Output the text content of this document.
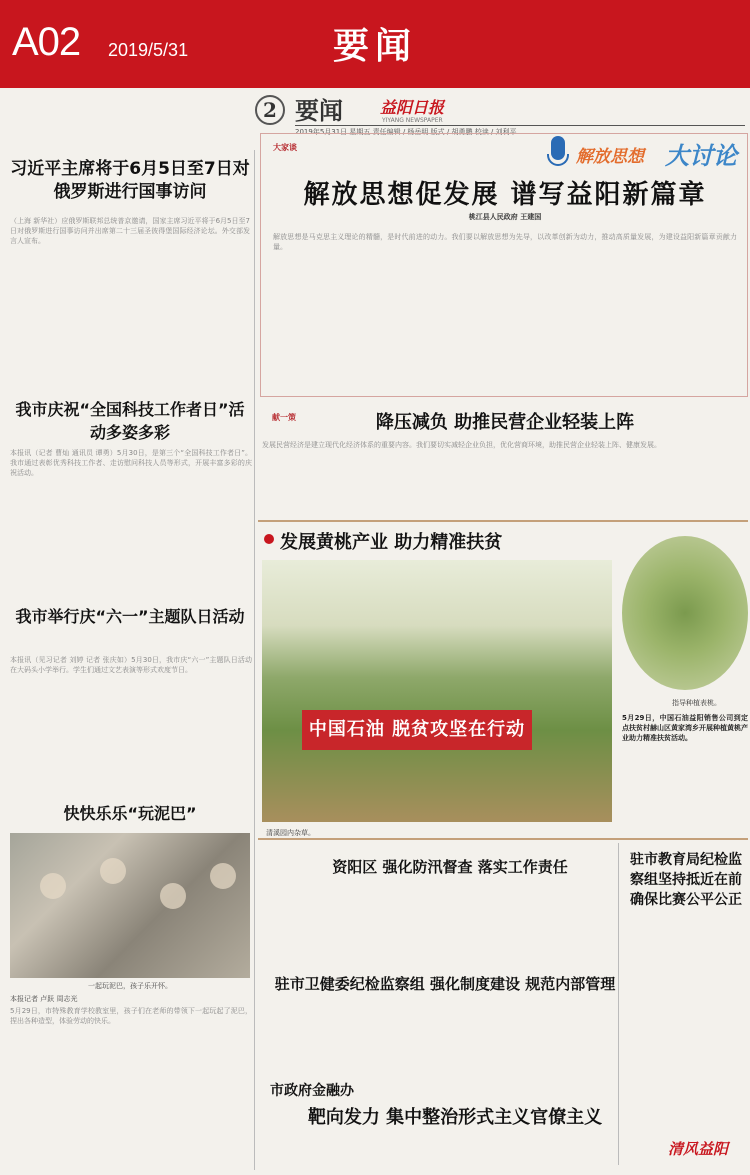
A02 2019/5/31	要闻
2 要闻 益阳日报
YIYANG NEWSPAPER
2019年5月31日 星期五 责任编辑 / 杨岳明 版式 / 胡勇鹏 校读 / 刘利平
习近平主席将于6月5日至7日对俄罗斯进行国事访问
（上海 新华社）应俄罗斯联邦总统普京邀请，国家主席习近平将于6月5日至7日对俄罗斯进行国事访问并出席第二十三届圣彼得堡国际经济论坛。外交部发言人宣布。
我市庆祝“全国科技工作者日”活动多姿多彩
本报讯（记者 曹灿 通讯员 谭勇）5月30日，是第三个“全国科技工作者日”。我市通过表彰优秀科技工作者、走访慰问科技人员等形式，开展丰富多彩的庆祝活动。
我市举行庆“六一”主题队日活动
本报讯（见习记者 刘婷 记者 张庆如）5月30日，我市庆“六一”主题队日活动在大码头小学举行。学生们通过文艺表演等形式欢度节日。
快快乐乐“玩泥巴”
一起玩泥巴，孩子乐开怀。
本报记者 卢跃 周志光
5月29日，市特殊教育学校教室里，孩子们在老师的带领下一起玩起了泥巴，捏出各种造型，体验劳动的快乐。
大家谈	解放思想 大讨论
解放思想促发展 谱写益阳新篇章
桃江县人民政府 王建国
解放思想是马克思主义理论的精髓，是时代前进的动力。我们要以解放思想为先导，以改革创新为动力，推动高质量发展，为建设益阳新篇章贡献力量。
献一策	降压减负 助推民营企业轻装上阵
发展民营经济是建立现代化经济体系的重要内容。我们要切实减轻企业负担，优化营商环境，助推民营企业轻装上阵、健康发展。
发展黄桃产业 助力精准扶贫
中国石油 脱贫攻坚在行动
清溪园内杂草。
指导种植表桃。
5月29日，中国石油益阳销售公司到定点扶贫村赫山区黄家湾乡开展种植黄桃产业助力精准扶贫活动。
资阳区 强化防汛督查 落实工作责任	驻市教育局纪检监察组坚持抵近在前确保比赛公平公正
驻市卫健委纪检监察组 强化制度建设 规范内部管理
市政府金融办
靶向发力 集中整治形式主义官僚主义
清风益阳
